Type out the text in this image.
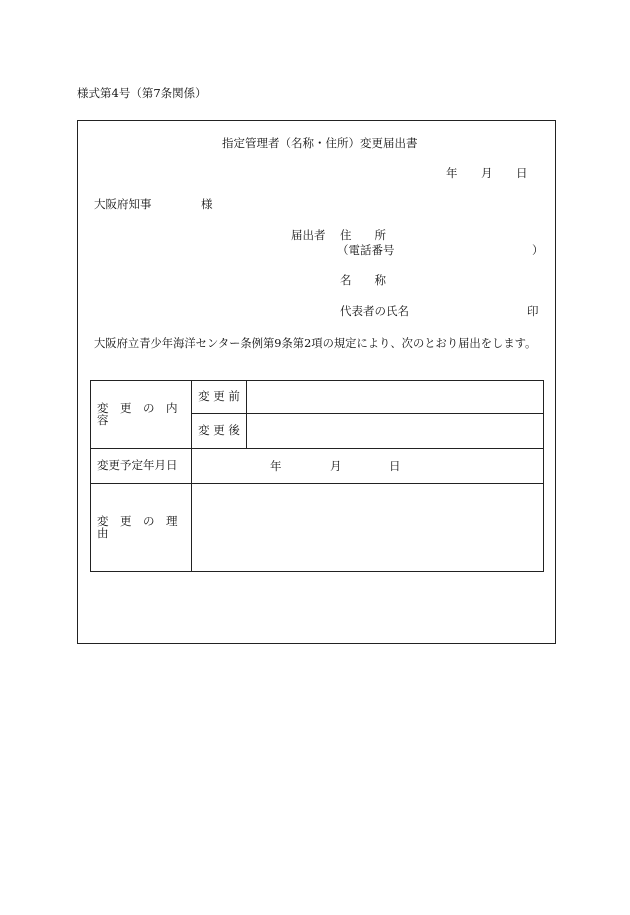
様式第4号（第7条関係）
指定管理者（名称・住所）変更届出書
年 月 日
大阪府知事	様
届出者 住　　所
（電話番号	）
名　　称
代表者の氏名	印
大阪府立青少年海洋センター条例第9条第2項の規定により、次のとおり届出をします。
変　更　の　内　容	変 更 前	
	変 更 後	
変更予定年月日	年 月 日	

変　更　の　理　由		
